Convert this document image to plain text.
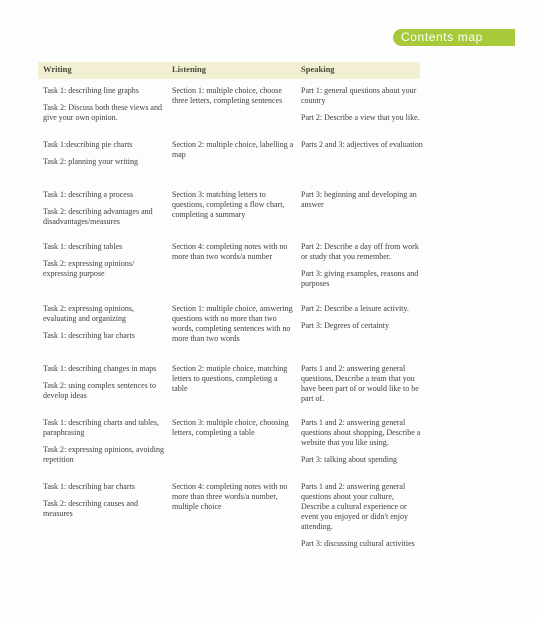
Contents map
Writing	Listening	Speaking

Task 1: describing line graphs

Task 2: Discuss both these views and give your own opinion.

Section 1: multiple choice, choose three letters, completing sentences

Part 1: general questions about your country

Part 2: Describe a view that you like.

Task 1:describing pie charts

Task 2: planning your writing

Section 2: multiple choice, labelling a map

Parts 2 and 3: adjectives of evaluation

Task 1: describing a process

Task 2: describing advantages and disadvantages/measures

Section 3: matching letters to questions, completing a flow chart, completing a summary

Part 3: beginning and developing an answer

Task 1: describing tables

Task 2: expressing opinions/ expressing purpose

Section 4: completing notes with no more than two words/a number

Part 2: Describe a day off from work or study that you remember.

Part 3: giving examples, reasons and purposes

Task 2: expressing opinions, evaluating and organizing

Task 1: describing bar charts

Section 1: multiple choice, answering questions with no more than two words, completing sentences with no more than two words

Part 2: Describe a leisure activity.

Part 3: Degrees of certainty

Task 1: describing changes in maps

Task 2: using complex sentences to develop ideas

Section 2: mutiple choice, matching letters to questions, completing a table

Parts 1 and 2: answering general questions, Describe a team that you have been part of or would like to be part of.

Task 1: describing charts and tables, paraphrasing

Task 2: expressing opinions, avoiding repetition

Section 3: multiple choice, choosing letters, completing a table

Parts 1 and 2: answering general questions about shopping, Describe a website that you like using.

Part 3: talking about spending

Task 1: describing bar charts

Task 2: describing causes and measures

Section 4: completing notes with no more than three words/a number, multiple choice

Parts 1 and 2: answering general questions about your culture, Describe a cultural experience or event you enjoyed or didn't enjoy attending.

Part 3: discussing cultural activities
